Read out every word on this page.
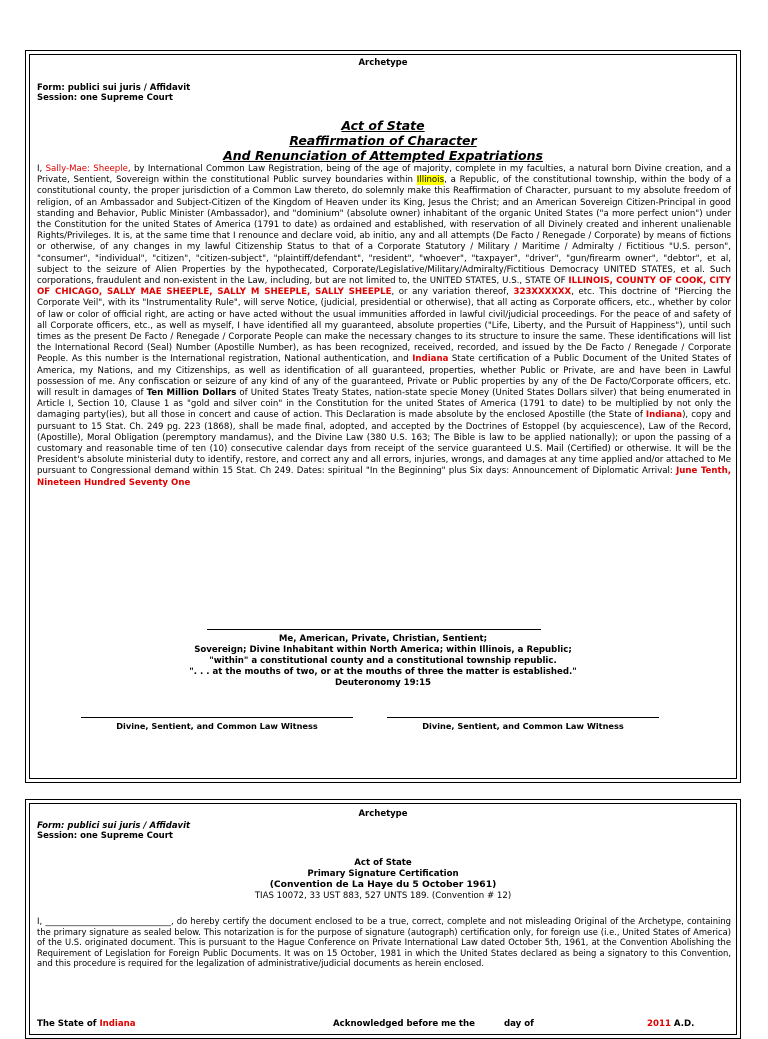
Archetype
Form: publici sui juris / Affidavit
Session: one Supreme Court
Act of State
Reaffirmation of Character
And Renunciation of Attempted Expatriations
I, Sally-Mae: Sheeple, by International Common Law Registration, being of the age of majority, complete in my faculties, a natural born Divine creation, and a Private, Sentient, Sovereign within the constitutional Public survey boundaries within Illinois, a Republic, of the constitutional township, within the body of a constitutional county, the proper jurisdiction of a Common Law thereto, do solemnly make this Reaffirmation of Character, pursuant to my absolute freedom of religion, of an Ambassador and Subject-Citizen of the Kingdom of Heaven under its King, Jesus the Christ; and an American Sovereign Citizen-Principal in good standing and Behavior, Public Minister (Ambassador), and "dominium" (absolute owner) inhabitant of the organic United States ("a more perfect union") under the Constitution for the united States of America (1791 to date) as ordained and established, with reservation of all Divinely created and inherent unalienable Rights/Privileges. It is, at the same time that I renounce and declare void, ab initio, any and all attempts (De Facto / Renegade / Corporate) by means of fictions or otherwise, of any changes in my lawful Citizenship Status to that of a Corporate Statutory / Military / Maritime / Admiralty / Fictitious "U.S. person", "consumer", "individual", "citizen", "citizen-subject", "plaintiff/defendant", "resident", "whoever", "taxpayer", "driver", "gun/firearm owner", "debtor", et al, subject to the seizure of Alien Properties by the hypothecated, Corporate/Legislative/Military/Admiralty/Fictitious Democracy UNITED STATES, et al. Such corporations, fraudulent and non-existent in the Law, including, but are not limited to, the UNITED STATES, U.S., STATE OF ILLINOIS, COUNTY OF COOK, CITY OF CHICAGO, SALLY MAE SHEEPLE, SALLY M SHEEPLE, SALLY SHEEPLE, or any variation thereof, 323XXXXXX, etc. This doctrine of "Piercing the Corporate Veil", with its "Instrumentality Rule", will serve Notice, (judicial, presidential or otherwise), that all acting as Corporate officers, etc., whether by color of law or color of official right, are acting or have acted without the usual immunities afforded in lawful civil/judicial proceedings. For the peace of and safety of all Corporate officers, etc., as well as myself, I have identified all my guaranteed, absolute properties ("Life, Liberty, and the Pursuit of Happiness"), until such times as the present De Facto / Renegade / Corporate People can make the necessary changes to its structure to insure the same. These identifications will list the International Record (Seal) Number (Apostille Number), as has been recognized, received, recorded, and issued by the De Facto / Renegade / Corporate People. As this number is the International registration, National authentication, and Indiana State certification of a Public Document of the United States of America, my Nations, and my Citizenships, as well as identification of all guaranteed, properties, whether Public or Private, are and have been in Lawful possession of me. Any confiscation or seizure of any kind of any of the guaranteed, Private or Public properties by any of the De Facto/Corporate officers, etc. will result in damages of Ten Million Dollars of United States Treaty States, nation-state specie Money (United States Dollars silver) that being enumerated in Article I, Section 10, Clause 1 as "gold and silver coin" in the Constitution for the united States of America (1791 to date) to be multiplied by not only the damaging party(ies), but all those in concert and cause of action. This Declaration is made absolute by the enclosed Apostille (the State of Indiana), copy and pursuant to 15 Stat. Ch. 249 pg. 223 (1868), shall be made final, adopted, and accepted by the Doctrines of Estoppel (by acquiescence), Law of the Record, (Apostille), Moral Obligation (peremptory mandamus), and the Divine Law (380 U.S. 163; The Bible is law to be applied nationally); or upon the passing of a customary and reasonable time of ten (10) consecutive calendar days from receipt of the service guaranteed U.S. Mail (Certified) or otherwise. It will be the President's absolute ministerial duty to identify, restore, and correct any and all errors, injuries, wrongs, and damages at any time applied and/or attached to Me pursuant to Congressional demand within 15 Stat. Ch 249. Dates: spiritual "In the Beginning" plus Six days: Announcement of Diplomatic Arrival: June Tenth, Nineteen Hundred Seventy One
Me, American, Private, Christian, Sentient;
Sovereign; Divine Inhabitant within North America; within Illinois, a Republic;
"within" a constitutional county and a constitutional township republic.
". . . at the mouths of two, or at the mouths of three the matter is established."
Deuteronomy 19:15
Divine, Sentient, and Common Law Witness	Divine, Sentient, and Common Law Witness
Archetype
Form: publici sui juris / Affidavit
Session: one Supreme Court
Act of State
Primary Signature Certification
(Convention de La Haye du 5 October 1961)
TIAS 10072, 33 UST 883, 527 UNTS 189. (Convention # 12)
I, ______________________________, do hereby certify the document enclosed to be a true, correct, complete and not misleading Original of the Archetype, containing the primary signature as sealed below. This notarization is for the purpose of signature (autograph) certification only, for foreign use (i.e., United States of America) of the U.S. originated document. This is pursuant to the Hague Conference on Private International Law dated October 5th, 1961, at the Convention Abolishing the Requirement of Legislation for Foreign Public Documents. It was on 15 October, 1981 in which the United States declared as being a signatory to this Convention, and this procedure is required for the legalization of administrative/judicial documents as herein enclosed.
The State of Indiana	Acknowledged before me the	day of	2011 A.D.
